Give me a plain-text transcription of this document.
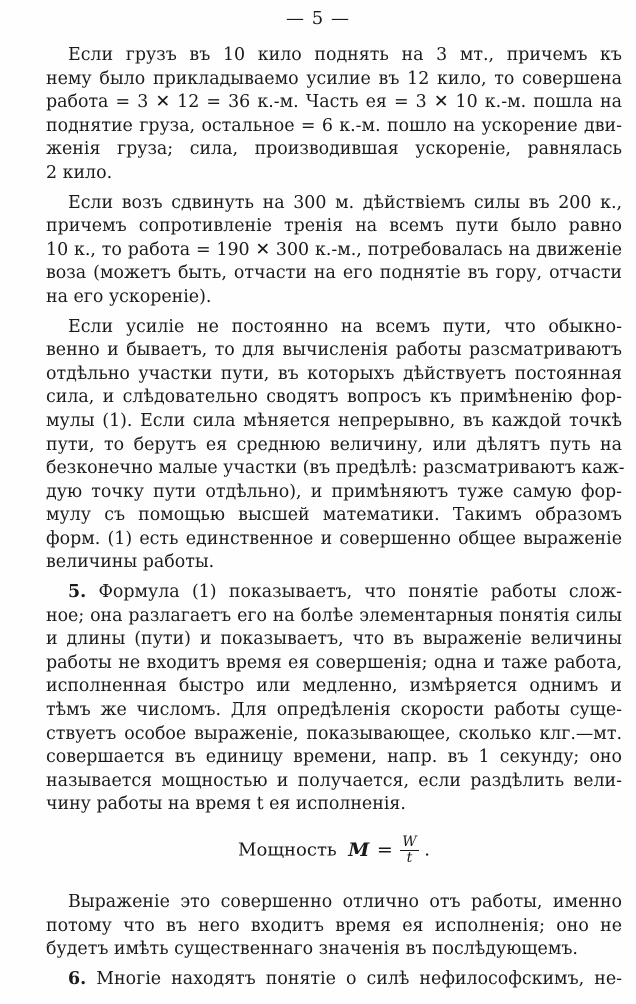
— 5 —
Если грузъ въ 10 кило поднять на 3 мт., причемъ къ
нему было прикладываемо усилие въ 12 кило, то совершена
работа = 3 ✕ 12 = 36 к.-м. Часть ея = 3 ✕ 10 к.-м. пошла на
поднятие груза, остальное = 6 к.-м. пошло на ускорение дви-
женія груза; сила, производившая ускореніе, равнялась
2 кило.
Если возъ сдвинуть на 300 м. дѣйствіемъ силы въ 200 к.,
причемъ сопротивленіе тренія на всемъ пути было равно
10 к., то работа = 190 ✕ 300 к.-м., потребовалась на движеніе
воза (можетъ быть, отчасти на его поднятіе въ гору, отчасти
на его ускореніе).
Если усиліе не постоянно на всемъ пути, что обыкно-
венно и бываетъ, то для вычисленія работы разсматриваютъ
отдѣльно участки пути, въ которыхъ дѣйствуетъ постоянная
сила, и слѣдовательно сводятъ вопросъ къ примѣненію фор-
мулы (1). Если сила мѣняется непрерывно, въ каждой точкѣ
пути, то берутъ ея среднюю величину, или дѣлятъ путь на
безконечно малые участки (въ предѣлѣ: разсматриваютъ каж-
дую точку пути отдѣльно), и примѣняютъ туже самую фор-
мулу съ помощью высшей математики. Такимъ образомъ
форм. (1) есть единственное и совершенно общее выраженіе
величины работы.
5. Формула (1) показываетъ, что понятіе работы слож-
ное; она разлагаетъ его на болѣе элементарныя понятія силы
и длины (пути) и показываетъ, что въ выраженіе величины
работы не входитъ время ея совершенія; одна и таже работа,
исполненная быстро или медленно, измѣряется однимъ и
тѣмъ же числомъ. Для опредѣленія скорости работы суще-
ствуетъ особое выраженіе, показывающее, сколько клг.—мт.
совершается въ единицу времени, напр. въ 1 секунду; оно
называется мощностью и получается, если раздѣлить вели-
чину работы на время t ея исполненія.
Мощность $M = \frac{W}{t}$ .
Выраженіе это совершенно отлично отъ работы, именно
потому что въ него входитъ время ея исполненія; оно не
будетъ имѣть существеннаго значенія въ послѣдующемъ.
6. Многіе находятъ понятіе о силѣ нефилософскимъ, не-
